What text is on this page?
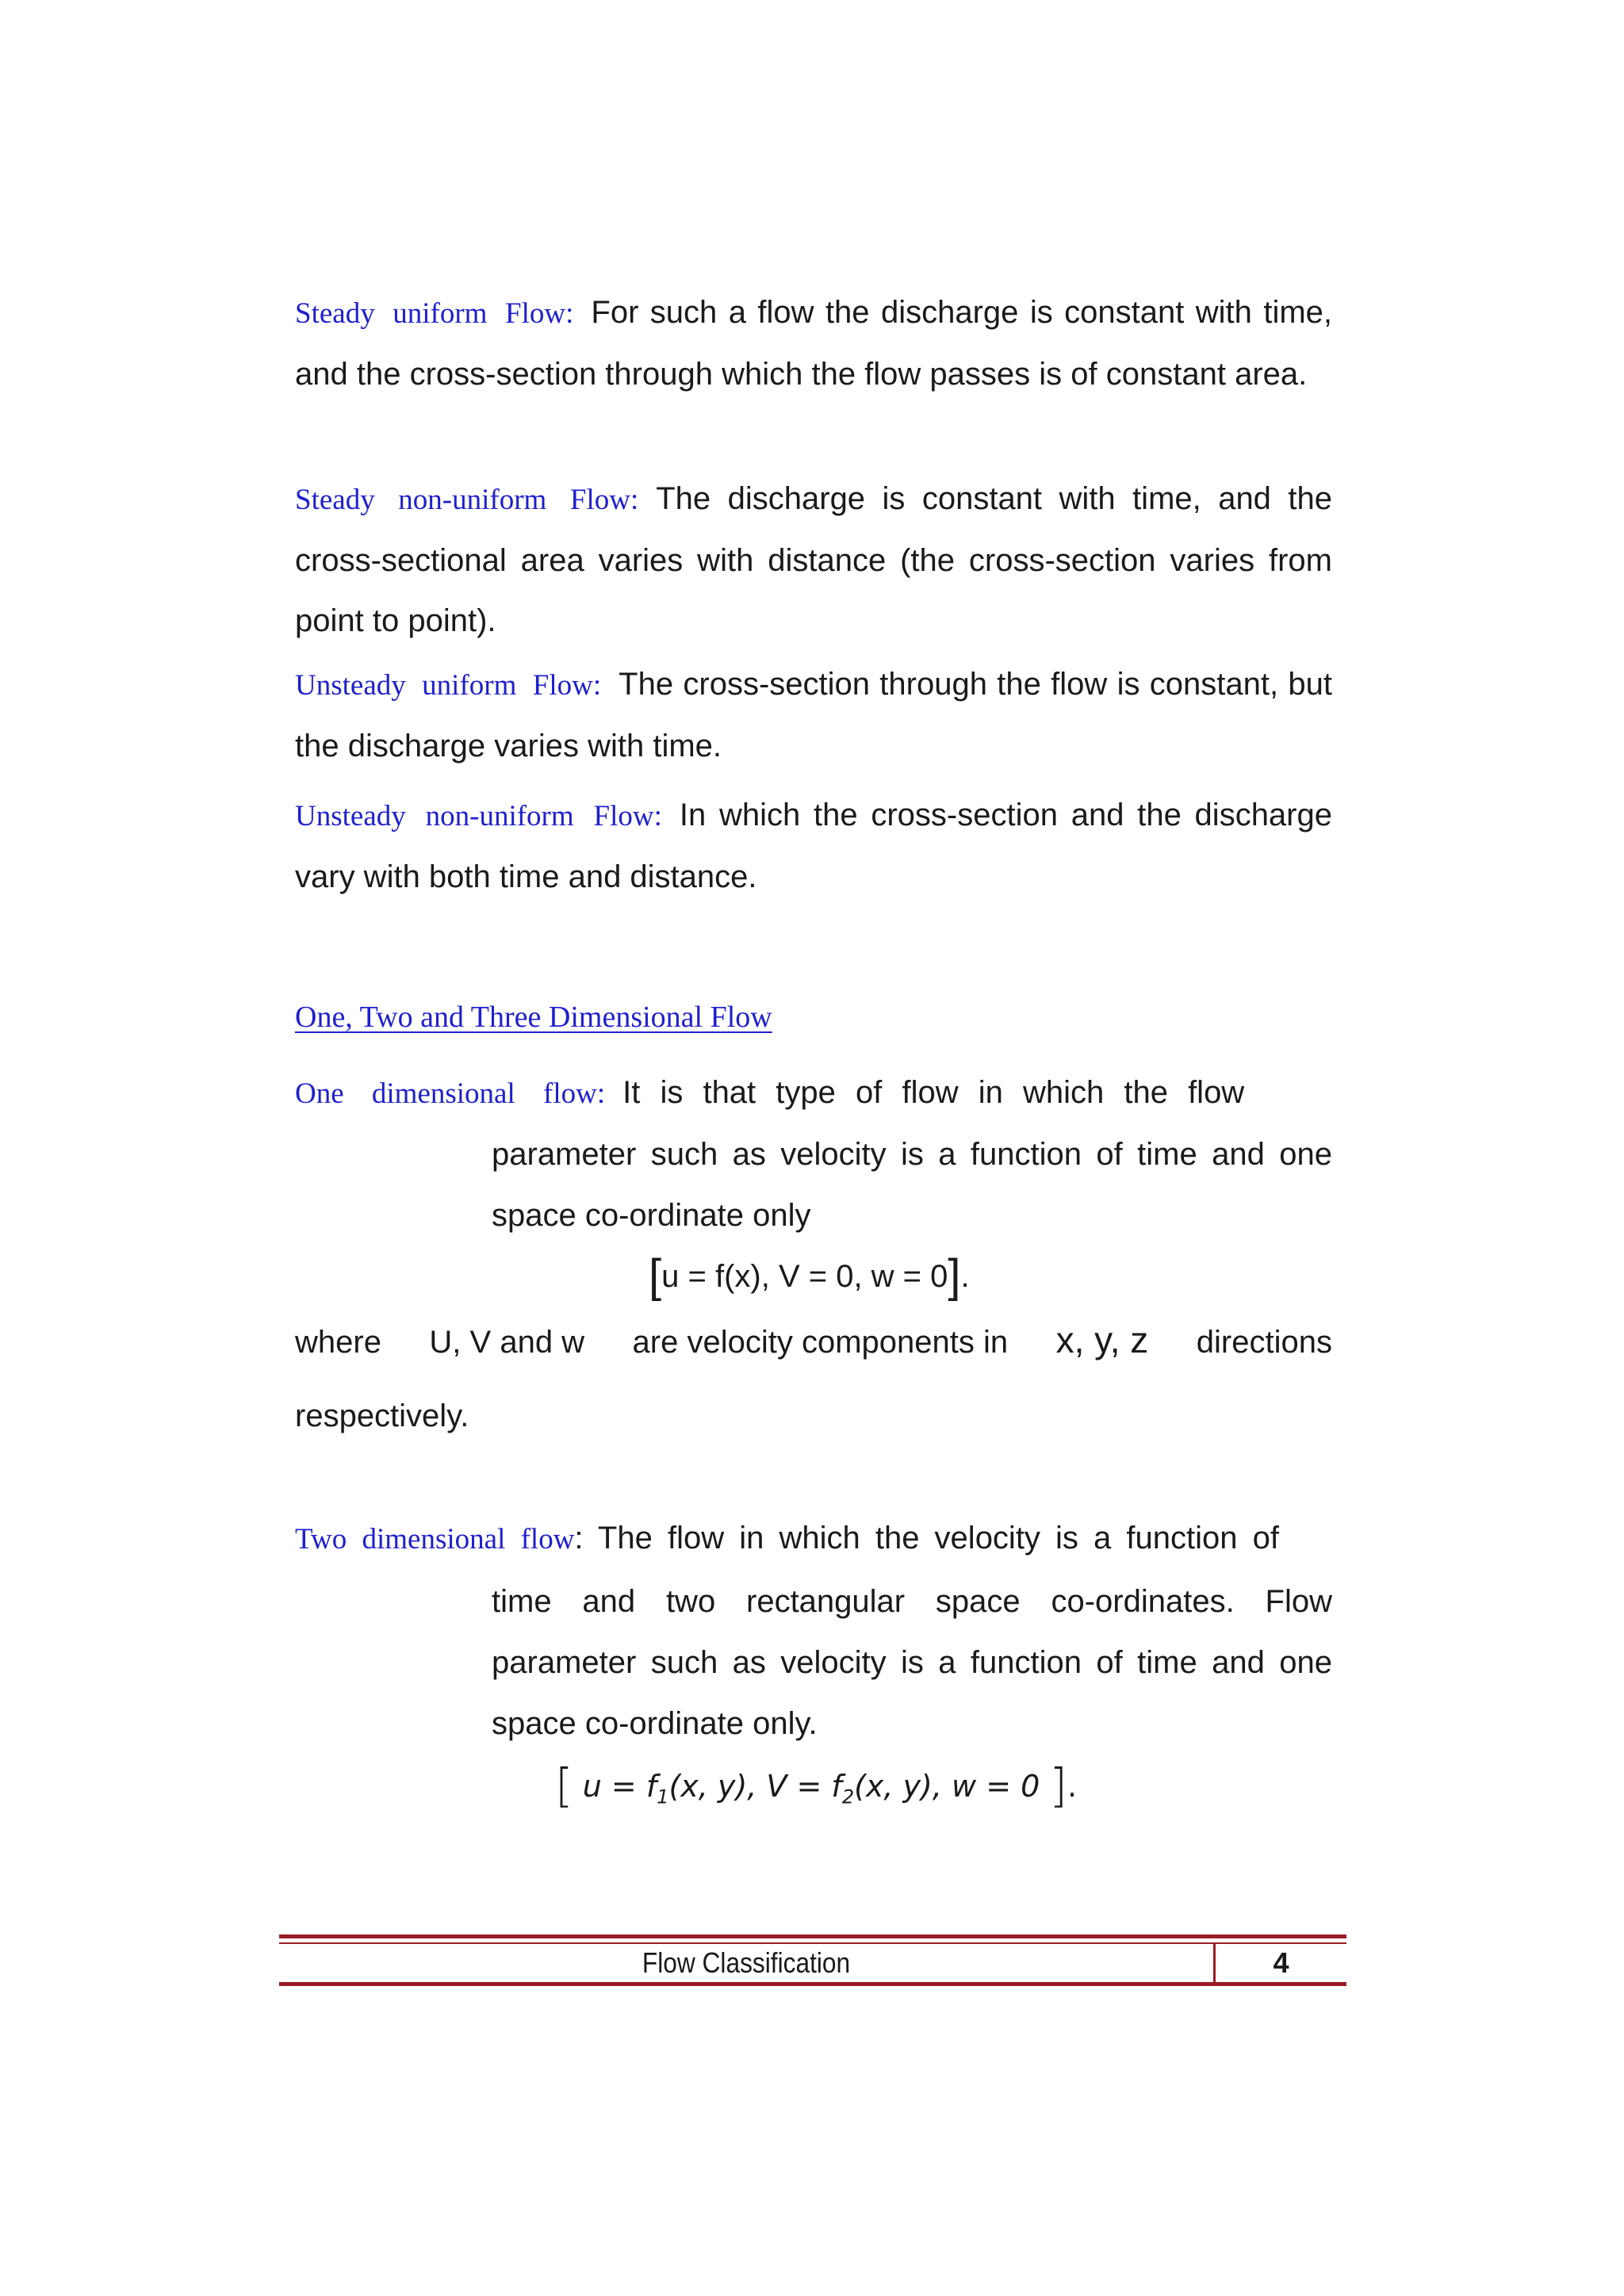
Steady uniform Flow: For such a flow the discharge is constant with time, and the cross-section through which the flow passes is of constant area.
Steady non-uniform Flow: The discharge is constant with time, and the cross-sectional area varies with distance (the cross-section varies from point to point).
Unsteady uniform Flow: The cross-section through the flow is constant, but the discharge varies with time.
Unsteady non-uniform Flow: In which the cross-section and the discharge vary with both time and distance.
One, Two and Three Dimensional Flow
One dimensional flow: It is that type of flow in which the flow
parameter such as velocity is a function of time and one space co-ordinate only
[u = f(x), V = 0, w = 0].
where U, V and w are velocity components in x, y, z directions
respectively.
Two dimensional flow: The flow in which the velocity is a function of
time and two rectangular space co-ordinates. Flow parameter such as velocity is a function of time and one space co-ordinate only.
[ $u = f_1(x$, y), $V = f_2(x$, y), w = 0 ].
Flow Classification	4
